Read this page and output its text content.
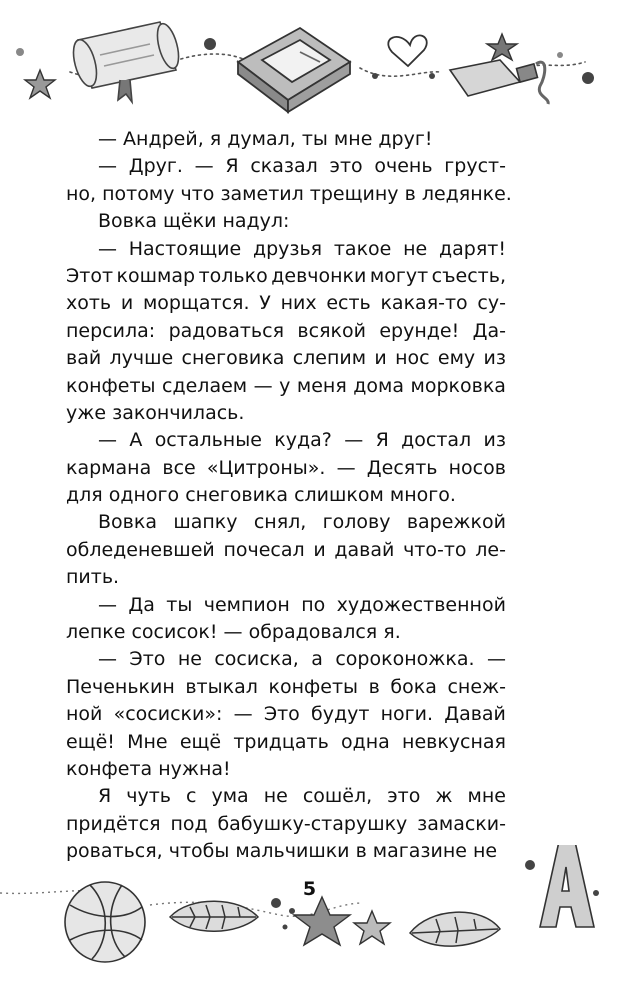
— Андрей, я думал, ты мне друг!
— Друг. — Я сказал это очень груст-
но, потому что заметил трещину в ледянке.
Вовка щёки надул:
— Настоящие друзья такое не дарят!
Этот кошмар только девчонки могут съесть,
хоть и морщатся. У них есть какая-то су-
персила: радоваться всякой ерунде! Да-
вай лучше снеговика слепим и нос ему из
конфеты сделаем — у меня дома морковка
уже закончилась.
— А остальные куда? — Я достал из
кармана все «Цитроны». — Десять носов
для одного снеговика слишком много.
Вовка шапку снял, голову варежкой
обледеневшей почесал и давай что-то ле-
пить.
— Да ты чемпион по художественной
лепке сосисок! — обрадовался я.
— Это не сосиска, а сороконожка. —
Печенькин втыкал конфеты в бока снеж-
ной «сосиски»: — Это будут ноги. Давай
ещё! Мне ещё тридцать одна невкусная
конфета нужна!
Я чуть с ума не сошёл, это ж мне
придётся под бабушку-старушку замаски-
роваться, чтобы мальчишки в магазине не
5
